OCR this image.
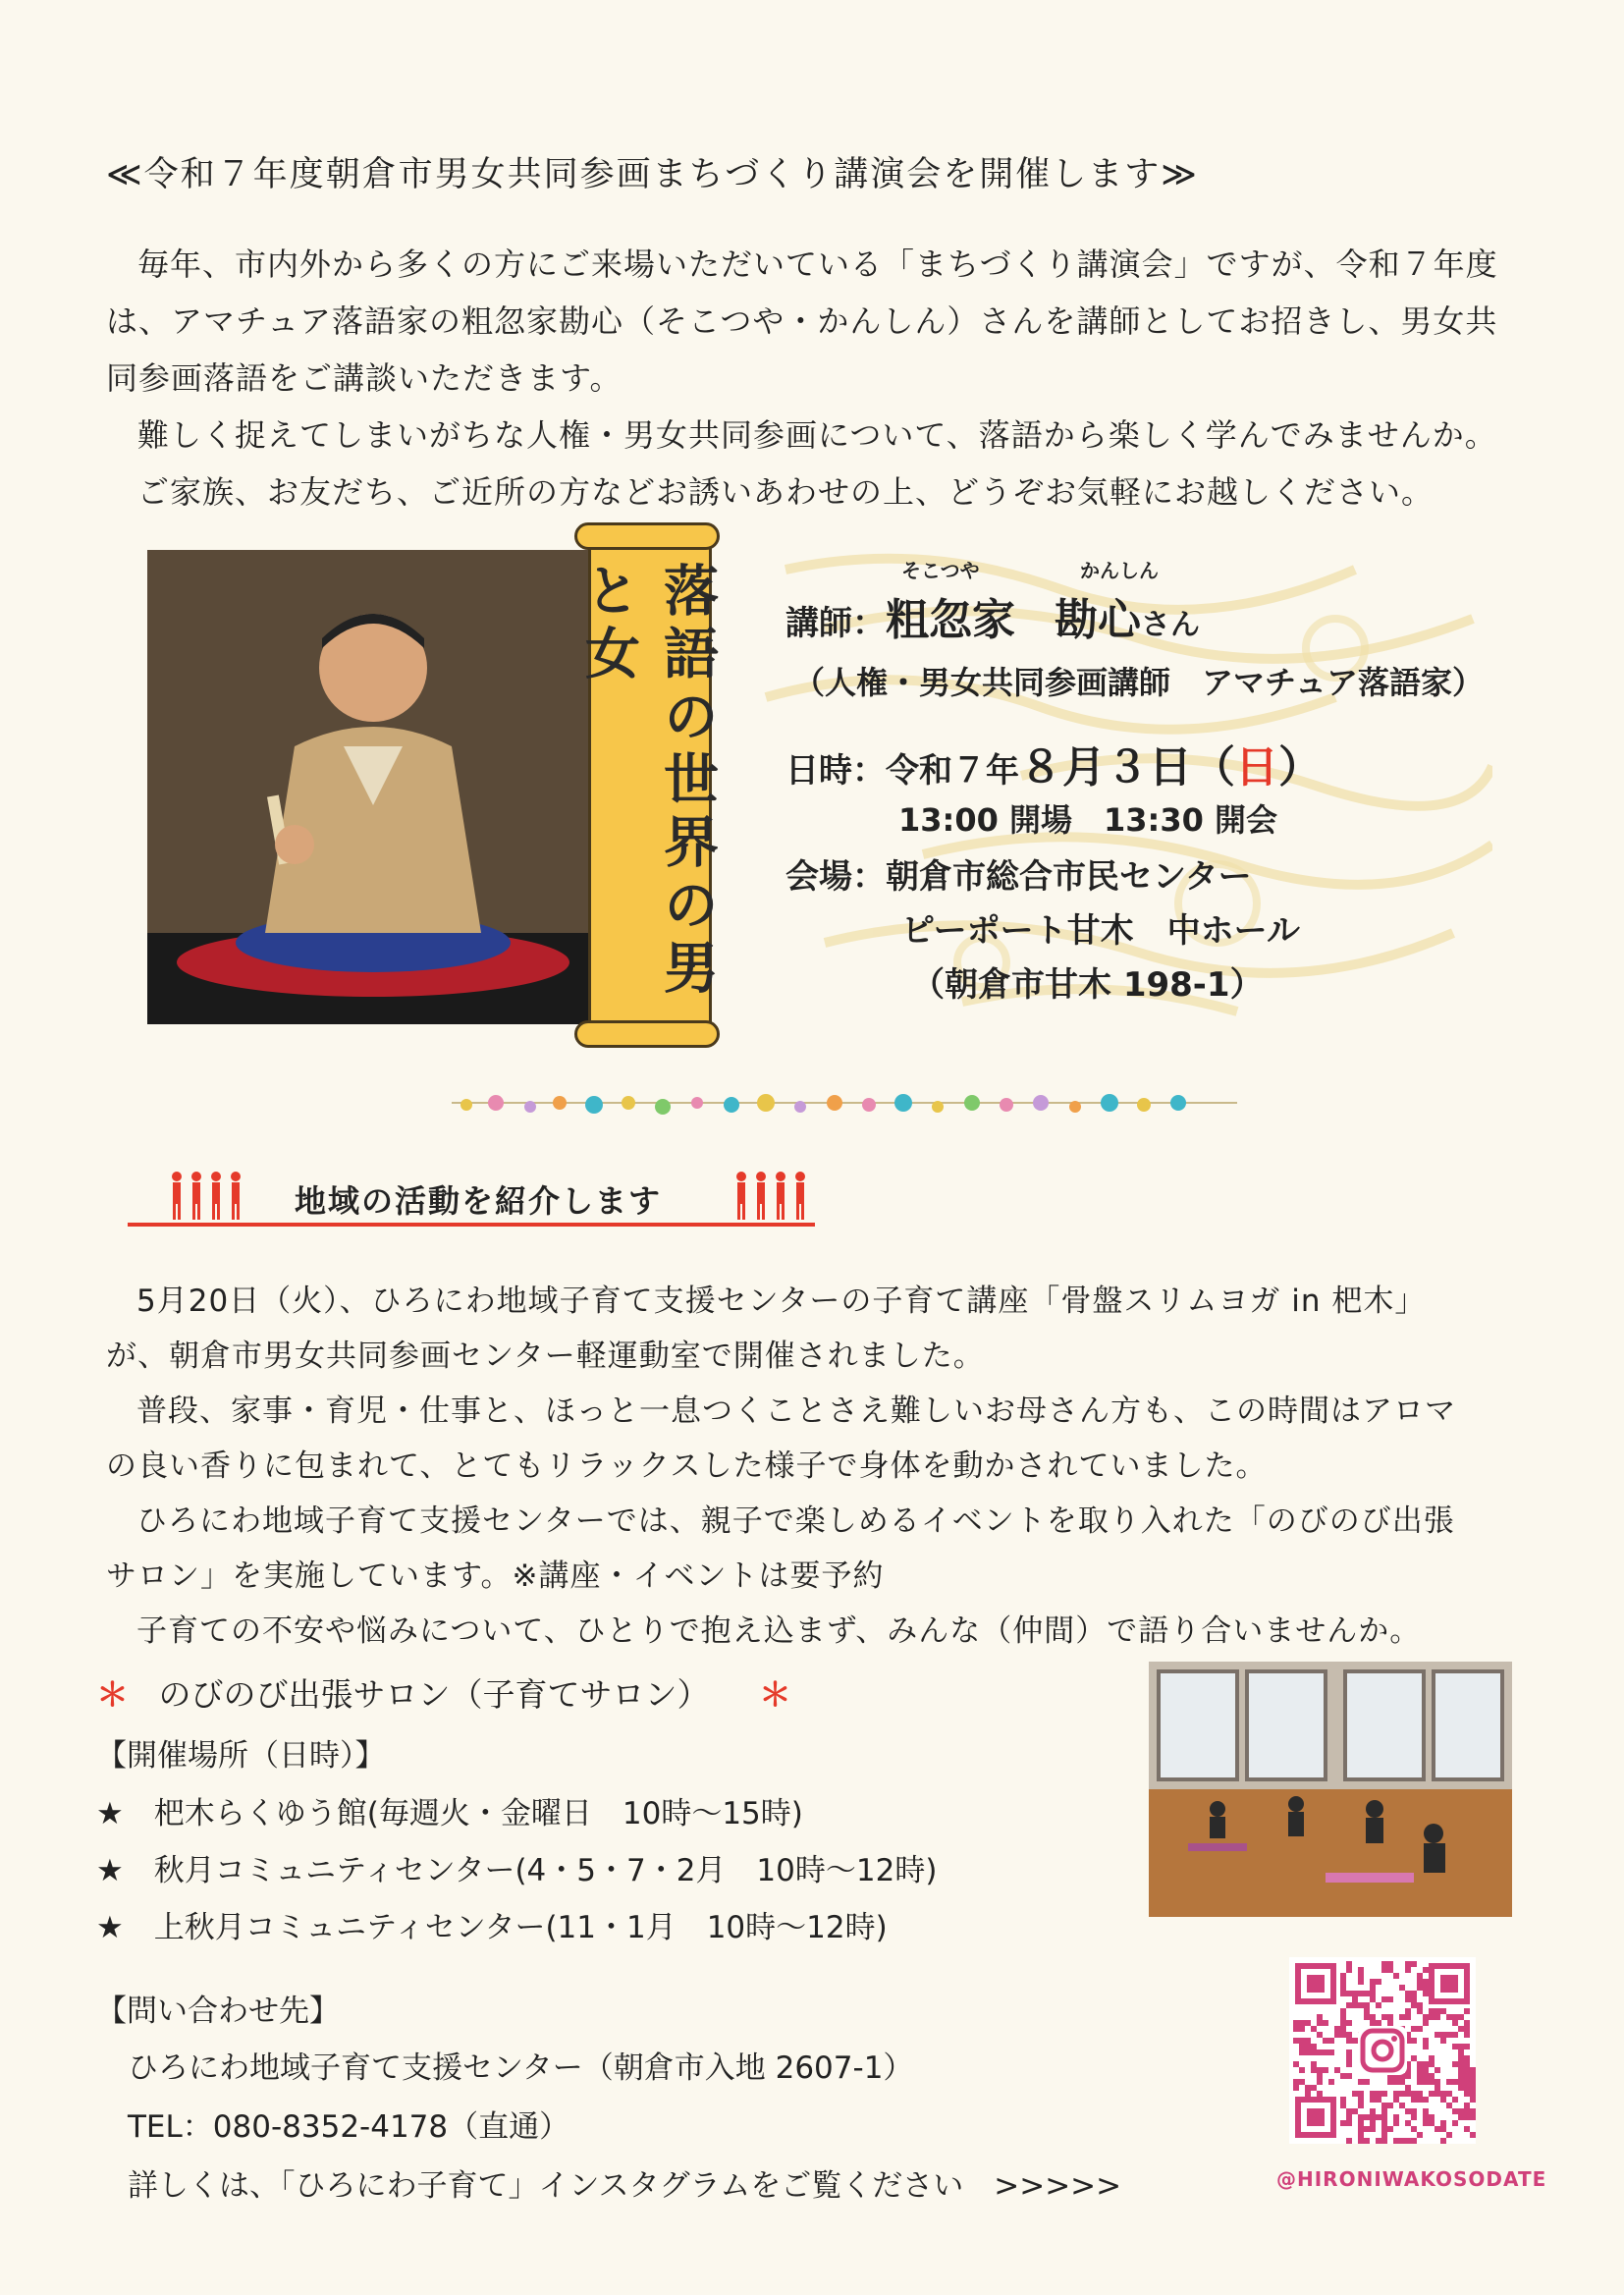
≪令和７年度朝倉市男女共同参画まちづくり講演会を開催します≫

毎年、市内外から多くの方にご来場いただいている「まちづくり講演会」ですが、令和７年度

は、アマチュア落語家の粗忽家勘心（そこつや・かんしん）さんを講師としてお招きし、男女共

同参画落語をご講談いただきます。

難しく捉えてしまいがちな人権・男女共同参画について、落語から楽しく学んでみませんか。

ご家族、お友だち、ご近所の方などお誘いあわせの上、どうぞお気軽にお越しください。

落語の世界の男と女	そこつや	かんしん
講師：粗忽家 勘心さん
（人権・男女共同参画講師　アマチュア落語家）
日時：令和７年８月３日（日）
13:00 開場　13:30 開会
会場：朝倉市総合市民センター
ピーポート甘木　中ホール
（朝倉市甘木 198-1）
地域の活動を紹介します

5月20日（火）、ひろにわ地域子育て支援センターの子育て講座「骨盤スリムヨガ in 杷木」

が、朝倉市男女共同参画センター軽運動室で開催されました。

普段、家事・育児・仕事と、ほっと一息つくことさえ難しいお母さん方も、この時間はアロマ

の良い香りに包まれて、とてもリラックスした様子で身体を動かされていました。

ひろにわ地域子育て支援センターでは、親子で楽しめるイベントを取り入れた「のびのび出張

サロン」を実施しています。※講座・イベントは要予約

子育ての不安や悩みについて、ひとりで抱え込まず、みんな（仲間）で語り合いませんか。

＊ のびのび出張サロン（子育てサロン） ＊
【開催場所（日時）】
★　杷木らくゆう館(毎週火・金曜日　10時～15時)
★　秋月コミュニティセンター(4・5・7・2月　10時～12時)
★　上秋月コミュニティセンター(11・1月　10時～12時)
【問い合わせ先】
ひろにわ地域子育て支援センター（朝倉市入地 2607-1）
TEL：080-8352-4178（直通）
詳しくは、「ひろにわ子育て」インスタグラムをご覧ください　>>>>>	@HIRONIWAKOSODATE
